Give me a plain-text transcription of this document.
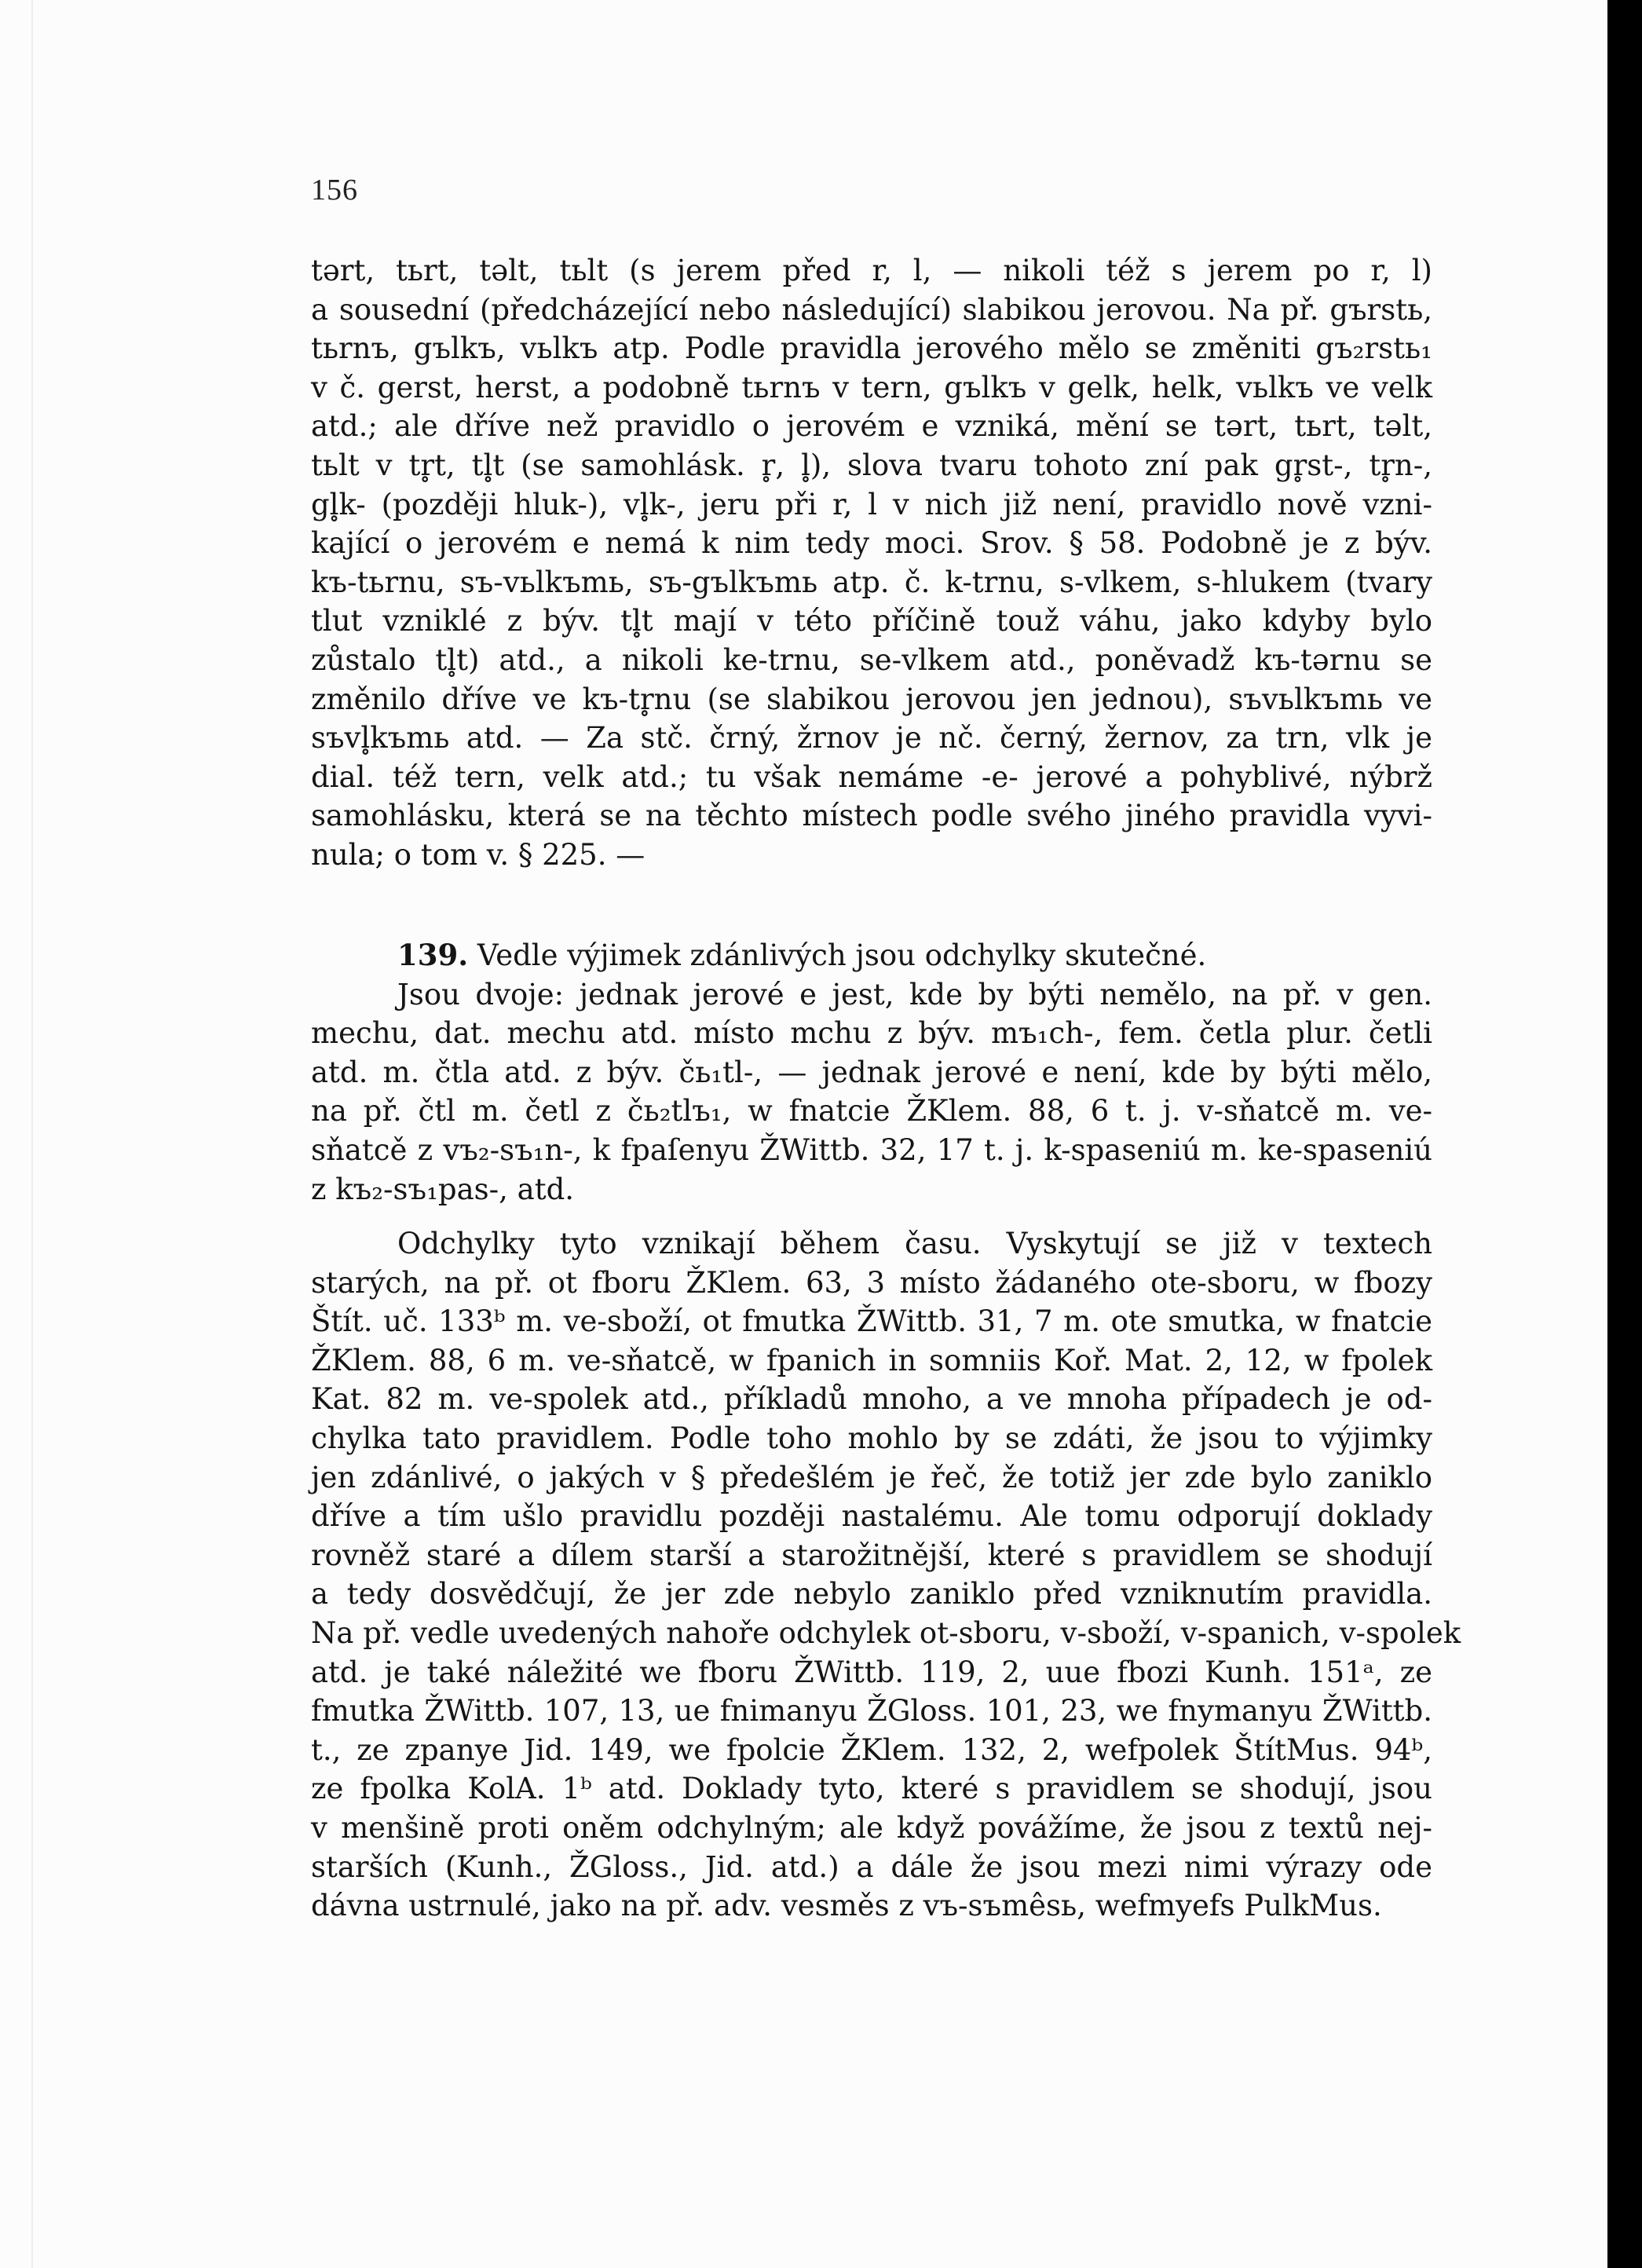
156
tərt, tьrt, təlt, tьlt (s jerem před r, l, — nikoli též s jerem po r, l)
a sousední (předcházející nebo následující) slabikou jerovou. Na př. gъrstь,
tьrnъ, gъlkъ, vьlkъ atp. Podle pravidla jerového mělo se změniti gъ₂rstь₁
v č. gerst, herst, a podobně tьrnъ v tern, gъlkъ v gelk, helk, vьlkъ ve velk
atd.; ale dříve než pravidlo o jerovém e vzniká, mění se tərt, tьrt, təlt,
tьlt v tr̥t, tl̥t (se samohlásk. r̥, l̥), slova tvaru tohoto zní pak gr̥st-, tr̥n-,
gl̥k- (později hluk-), vl̥k-, jeru při r, l v nich již není, pravidlo nově vzni-
kající o jerovém e nemá k nim tedy moci. Srov. § 58. Podobně je z býv.
kъ-tьrnu, sъ-vьlkъmь, sъ-gъlkъmь atp. č. k-trnu, s-vlkem, s-hlukem (tvary
tlut vzniklé z býv. tl̥t mají v této příčině touž váhu, jako kdyby bylo
zůstalo tl̥t) atd., a nikoli ke-trnu, se-vlkem atd., poněvadž kъ-tərnu se
změnilo dříve ve kъ-tr̥nu (se slabikou jerovou jen jednou), sъvьlkъmь ve
sъvl̥kъmь atd. — Za stč. črný, žrnov je nč. černý, žernov, za trn, vlk je
dial. též tern, velk atd.; tu však nemáme -e- jerové a pohyblivé, nýbrž
samohlásku, která se na těchto místech podle svého jiného pravidla vyvi-
nula; o tom v. § 225. —
139. Vedle výjimek zdánlivých jsou odchylky skutečné.
Jsou dvoje: jednak jerové e jest, kde by býti nemělo, na př. v gen.
mechu, dat. mechu atd. místo mchu z býv. mъ₁ch-, fem. četla plur. četli
atd. m. čtla atd. z býv. čь₁tl-, — jednak jerové e není, kde by býti mělo,
na př. čtl m. četl z čь₂tlъ₁, w fnatcie ŽKlem. 88, 6 t. j. v-sňatcě m. ve-
sňatcě z vъ₂-sъ₁n-, k fpaſenyu ŽWittb. 32, 17 t. j. k-spaseniú m. ke-spaseniú
z kъ₂-sъ₁pas-, atd.
Odchylky tyto vznikají během času. Vyskytují se již v textech
starých, na př. ot fboru ŽKlem. 63, 3 místo žádaného ote-sboru, w fbozy
Štít. uč. 133ᵇ m. ve-sboží, ot fmutka ŽWittb. 31, 7 m. ote smutka, w fnatcie
ŽKlem. 88, 6 m. ve-sňatcě, w fpanich in somniis Koř. Mat. 2, 12, w fpolek
Kat. 82 m. ve-spolek atd., příkladů mnoho, a ve mnoha případech je od-
chylka tato pravidlem. Podle toho mohlo by se zdáti, že jsou to výjimky
jen zdánlivé, o jakých v § předešlém je řeč, že totiž jer zde bylo zaniklo
dříve a tím ušlo pravidlu později nastalému. Ale tomu odporují doklady
rovněž staré a dílem starší a starožitnější, které s pravidlem se shodují
a tedy dosvědčují, že jer zde nebylo zaniklo před vzniknutím pravidla.
Na př. vedle uvedených nahoře odchylek ot-sboru, v-sboží, v-spanich, v-spolek
atd. je také náležité we fboru ŽWittb. 119, 2, uue fbozi Kunh. 151ᵃ, ze
fmutka ŽWittb. 107, 13, ue fnimanyu ŽGloss. 101, 23, we fnymanyu ŽWittb.
t., ze zpanye Jid. 149, we fpolcie ŽKlem. 132, 2, wefpolek ŠtítMus. 94ᵇ,
ze fpolka KolA. 1ᵇ atd. Doklady tyto, které s pravidlem se shodují, jsou
v menšině proti oněm odchylným; ale když povážíme, že jsou z textů nej-
starších (Kunh., ŽGloss., Jid. atd.) a dále že jsou mezi nimi výrazy ode
dávna ustrnulé, jako na př. adv. vesměs z vъ-sъmêsь, wefmyefs PulkMus.
